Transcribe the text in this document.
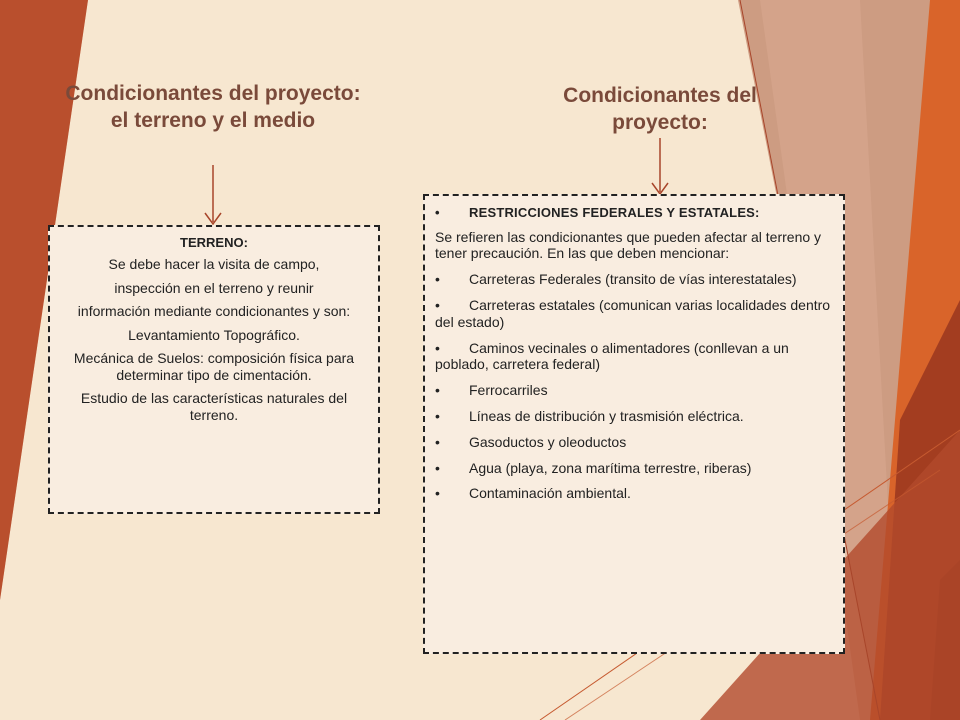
Condicionantes del proyecto: el terreno y el medio
Condicionantes del proyecto:

TERRENO:

Se debe hacer la visita de campo,

inspección en el terreno y reunir

información mediante condicionantes y son:

Levantamiento Topográfico.

Mecánica de Suelos: composición física para determinar tipo de cimentación.

Estudio de las características naturales del terreno.

• RESTRICCIONES FEDERALES Y ESTATALES:

Se refieren las condicionantes que pueden afectar al terreno y tener precaución. En las que deben mencionar:

• Carreteras Federales (transito de vías interestatales)
• Carreteras estatales (comunican varias localidades dentro del estado)
• Caminos vecinales o alimentadores (conllevan a un poblado, carretera federal)
• Ferrocarriles
• Líneas de distribución y trasmisión eléctrica.
• Gasoductos y oleoductos
• Agua (playa, zona marítima terrestre, riberas)
• Contaminación ambiental.
